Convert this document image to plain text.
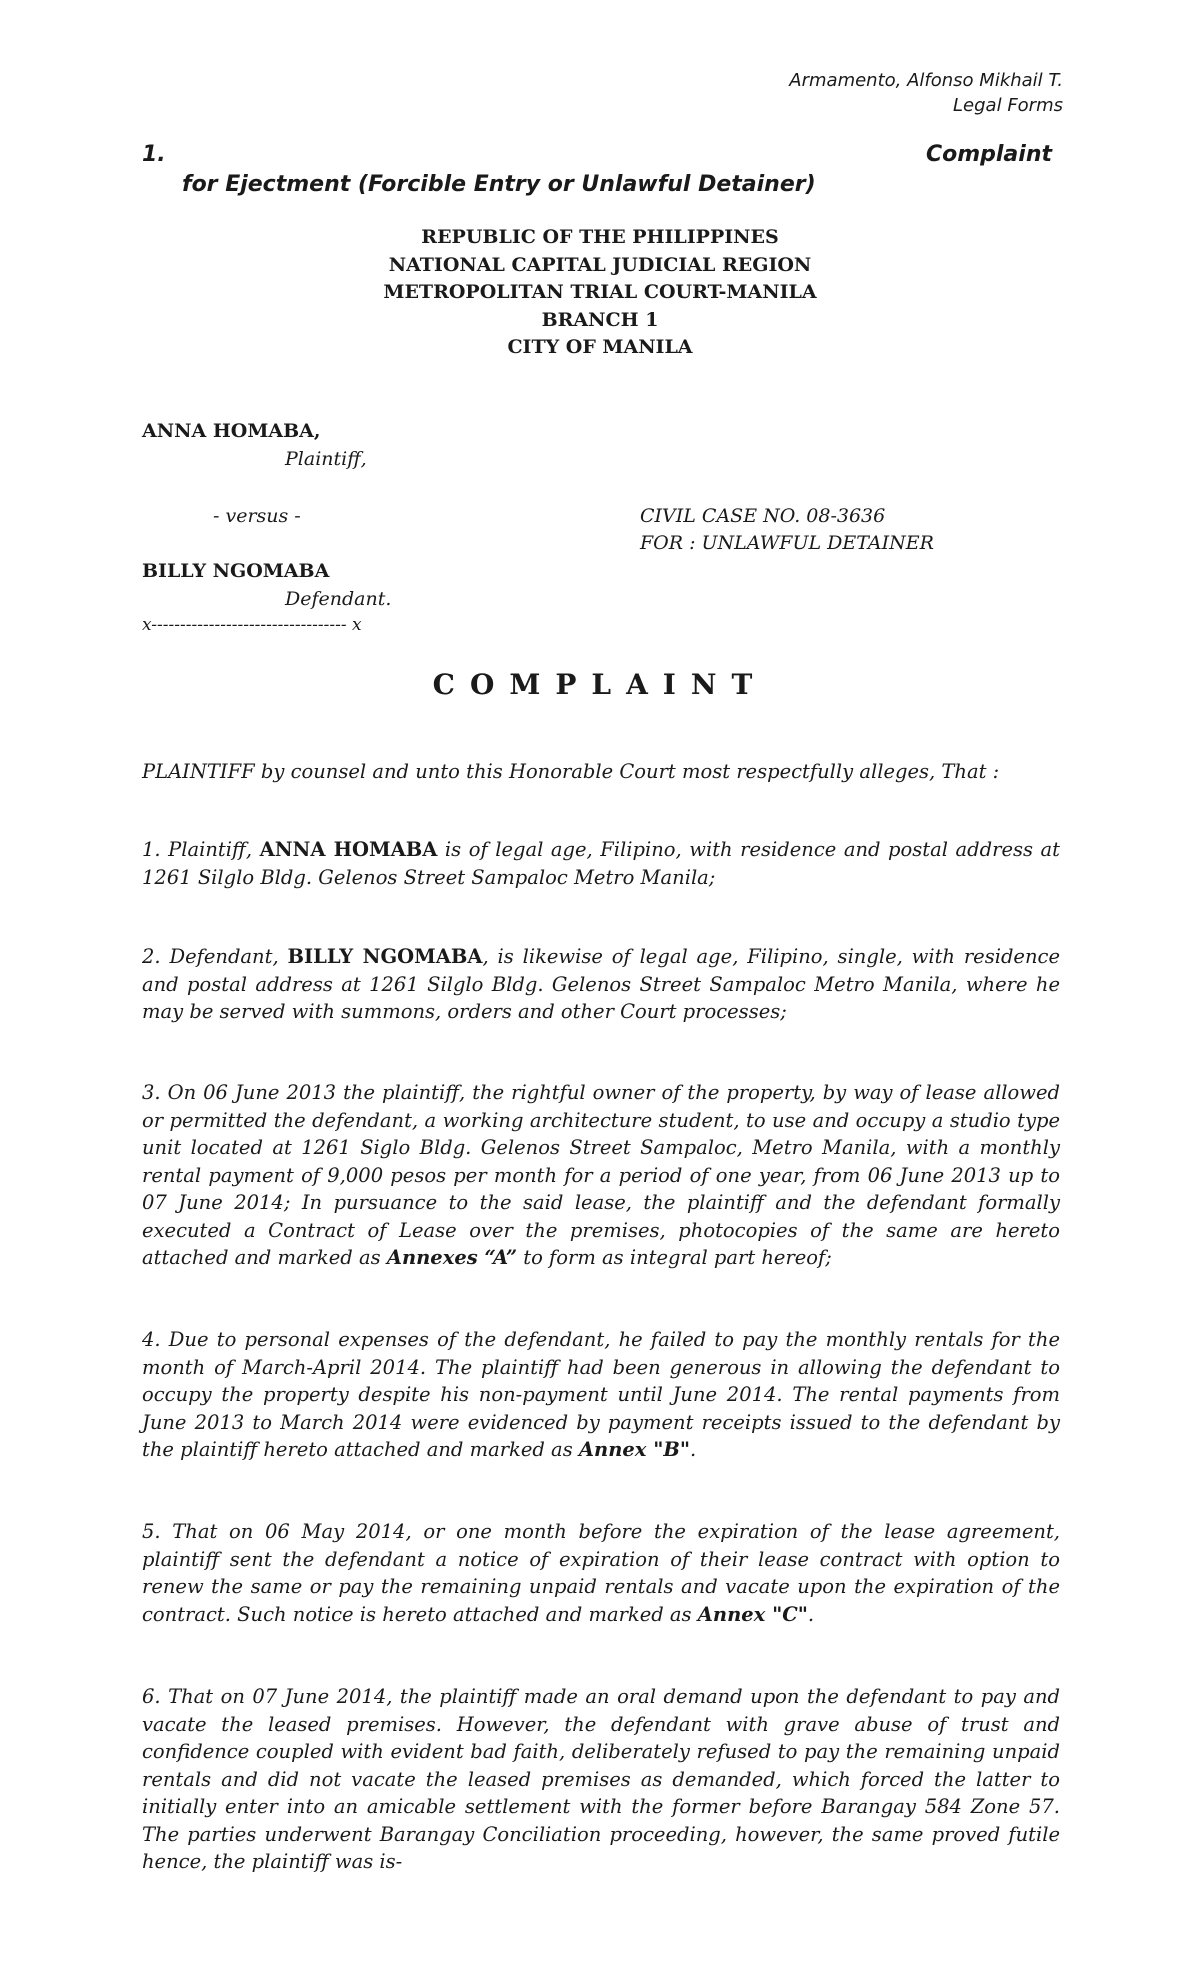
Armamento, Alfonso Mikhail T.
Legal Forms
1.	Complaint
for Ejectment (Forcible Entry or Unlawful Detainer)
REPUBLIC OF THE PHILIPPINES
NATIONAL CAPITAL JUDICIAL REGION
METROPOLITAN TRIAL COURT-MANILA
BRANCH 1
CITY OF MANILA
ANNA HOMABA,
Plaintiff,
- versus -	CIVIL CASE NO. 08-3636
FOR : UNLAWFUL DETAINER
BILLY NGOMABA
Defendant.
x---------------------------------- x
COMPLAINT
PLAINTIFF by counsel and unto this Honorable Court most respectfully alleges, That :
1. Plaintiff, ANNA HOMABA is of legal age, Filipino, with residence and postal address at 1261 Silglo Bldg. Gelenos Street Sampaloc Metro Manila;
2. Defendant, BILLY NGOMABA, is likewise of legal age, Filipino, single, with residence and postal address at 1261 Silglo Bldg. Gelenos Street Sampaloc Metro Manila, where he may be served with summons, orders and other Court processes;
3. On 06 June 2013 the plaintiff, the rightful owner of the property, by way of lease allowed or permitted the defendant, a working architecture student, to use and occupy a studio type unit located at 1261 Siglo Bldg. Gelenos Street Sampaloc, Metro Manila, with a monthly rental payment of 9,000 pesos per month for a period of one year, from 06 June 2013 up to 07 June 2014; In pursuance to the said lease, the plaintiff and the defendant formally executed a Contract of Lease over the premises, photocopies of the same are hereto attached and marked as Annexes “A” to form as integral part hereof;
4. Due to personal expenses of the defendant, he failed to pay the monthly rentals for the month of March-April 2014. The plaintiff had been generous in allowing the defendant to occupy the property despite his non-payment until June 2014. The rental payments from June 2013 to March 2014 were evidenced by payment receipts issued to the defendant by the plaintiff hereto attached and marked as Annex "B".
5. That on 06 May 2014, or one month before the expiration of the lease agreement, plaintiff sent the defendant a notice of expiration of their lease contract with option to renew the same or pay the remaining unpaid rentals and vacate upon the expiration of the contract. Such notice is hereto attached and marked as Annex "C".
6. That on 07 June 2014, the plaintiff made an oral demand upon the defendant to pay and vacate the leased premises. However, the defendant with grave abuse of trust and confidence coupled with evident bad faith, deliberately refused to pay the remaining unpaid rentals and did not vacate the leased premises as demanded, which forced the latter to initially enter into an amicable settlement with the former before Barangay 584 Zone 57. The parties underwent Barangay Conciliation proceeding, however, the same proved futile hence, the plaintiff was is-
